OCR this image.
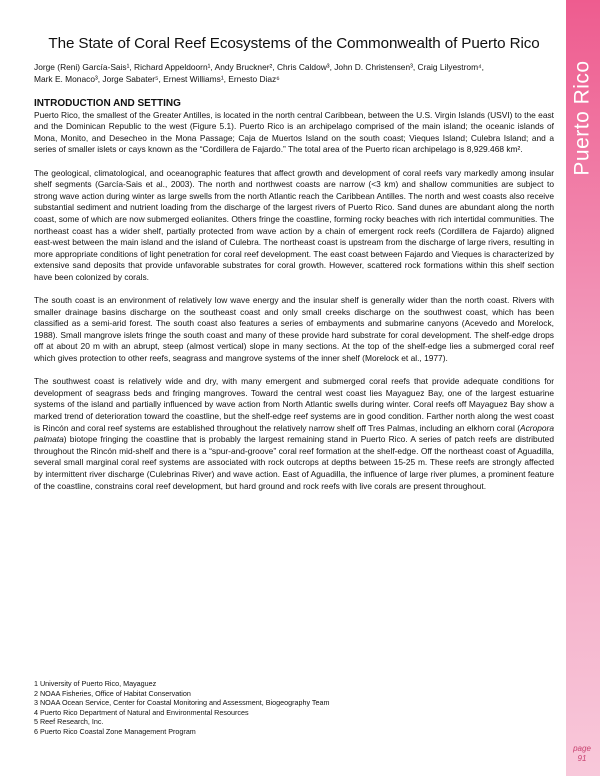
Puerto Rico
page
91
The State of Coral Reef Ecosystems of the Commonwealth of Puerto Rico
Jorge (Reni) García-Sais¹, Richard Appeldoorn¹, Andy Bruckner², Chris Caldow³, John D. Christensen³, Craig Lilyestrom⁴,
Mark E. Monaco³, Jorge Sabater⁵, Ernest Williams¹, Ernesto Diaz⁶
INTRODUCTION AND SETTING

Puerto Rico, the smallest of the Greater Antilles, is located in the north central Caribbean, between the U.S. Virgin Islands (USVI) to the east and the Dominican Republic to the west (Figure 5.1). Puerto Rico is an archipelago comprised of the main island; the oceanic islands of Mona, Monito, and Desecheo in the Mona Passage; Caja de Muertos Island on the south coast; Vieques Island; Culebra Island; and a series of smaller islets or cays known as the “Cordillera de Fajardo.” The total area of the Puerto rican archipelago is 8,929.468 km².

The geological, climatological, and oceanographic features that affect growth and development of coral reefs vary markedly among insular shelf segments (García-Sais et al., 2003). The north and northwest coasts are narrow (<3 km) and shallow communities are subject to strong wave action during winter as large swells from the north Atlantic reach the Caribbean Antilles. The north and west coasts also receive substantial sediment and nutrient loading from the discharge of the largest rivers of Puerto Rico. Sand dunes are abundant along the north coast, some of which are now submerged eolianites. Others fringe the coastline, forming rocky beaches with rich intertidal communities. The northeast coast has a wider shelf, partially protected from wave action by a chain of emergent rock reefs (Cordillera de Fajardo) aligned east-west between the main island and the island of Culebra. The northeast coast is upstream from the discharge of large rivers, resulting in more appropriate conditions of light penetration for coral reef development. The east coast between Fajardo and Vieques is characterized by extensive sand deposits that provide unfavorable substrates for coral growth. However, scattered rock formations within this shelf section have been colonized by corals.

The south coast is an environment of relatively low wave energy and the insular shelf is generally wider than the north coast. Rivers with smaller drainage basins discharge on the southeast coast and only small creeks discharge on the southwest coast, which has been classified as a semi-arid forest. The south coast also features a series of embayments and submarine canyons (Acevedo and Morelock, 1988). Small mangrove islets fringe the south coast and many of these provide hard substrate for coral development. The shelf-edge drops off at about 20 m with an abrupt, steep (almost vertical) slope in many sections. At the top of the shelf-edge lies a submerged coral reef which gives protection to other reefs, seagrass and mangrove systems of the inner shelf (Morelock et al., 1977).

The southwest coast is relatively wide and dry, with many emergent and submerged coral reefs that provide adequate conditions for development of seagrass beds and fringing mangroves. Toward the central west coast lies Mayaguez Bay, one of the largest estuarine systems of the island and partially influenced by wave action from North Atlantic swells during winter. Coral reefs off Mayaguez Bay show a marked trend of deterioration toward the coastline, but the shelf-edge reef systems are in good condition. Farther north along the west coast is Rincón and coral reef systems are established throughout the relatively narrow shelf off Tres Palmas, including an elkhorn coral (Acropora palmata) biotope fringing the coastline that is probably the largest remaining stand in Puerto Rico. A series of patch reefs are distributed throughout the Rincón mid-shelf and there is a “spur-and-groove” coral reef formation at the shelf-edge. Off the northeast coast of Aguadilla, several small marginal coral reef systems are associated with rock outcrops at depths between 15-25 m. These reefs are strongly affected by intermittent river discharge (Culebrinas River) and wave action. East of Aguadilla, the influence of large river plumes, a prominent feature of the coastline, constrains coral reef development, but hard ground and rock reefs with live corals are present throughout.

1 University of Puerto Rico, Mayaguez
2 NOAA Fisheries, Office of Habitat Conservation
3 NOAA Ocean Service, Center for Coastal Monitoring and Assessment, Biogeography Team
4 Puerto Rico Department of Natural and Environmental Resources
5 Reef Research, Inc.
6 Puerto Rico Coastal Zone Management Program
